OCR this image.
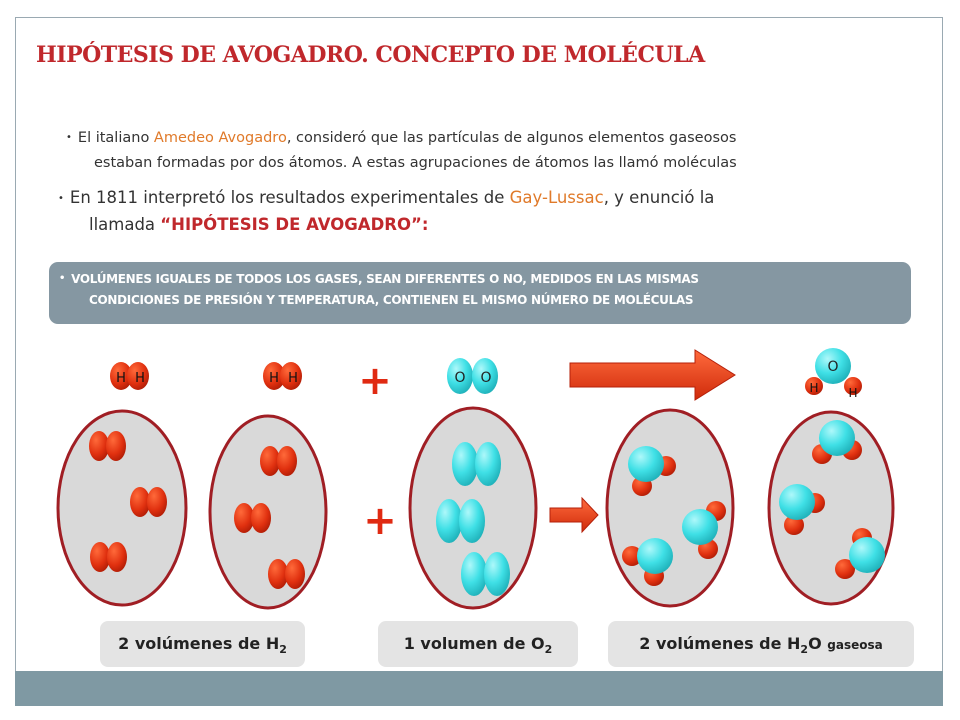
HIPÓTESIS DE AVOGADRO. CONCEPTO DE MOLÉCULA

• El italiano Amedeo Avogadro, consideró que las partículas de algunos elementos gaseosos
estaban formadas por dos átomos. A estas agrupaciones de átomos las llamó moléculas

• En 1811 interpretó los resultados experimentales de Gay-Lussac, y enunció la
llamada “HIPÓTESIS DE AVOGADRO”:

• VOLÚMENES IGUALES DE TODOS LOS GASES, SEAN DIFERENTES O NO, MEDIDOS EN LAS MISMAS
CONDICIONES DE PRESIÓN Y TEMPERATURA, CONTIENEN EL MISMO NÚMERO DE MOLÉCULAS
H H	H H +	O O
O
H H
+
2 volúmenes de $H_2$	1 volumen de $O_2$	2 volúmenes de $H_2O$ gaseosa
